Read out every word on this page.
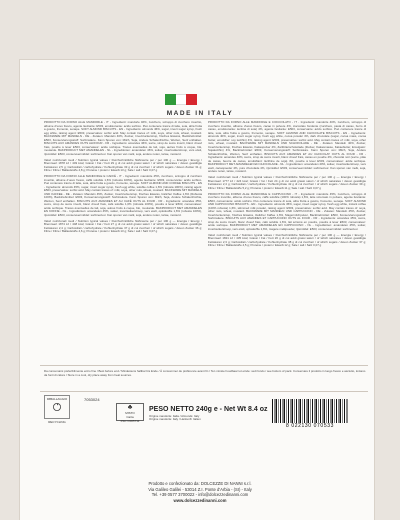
MADE IN ITALY

PRODOTTO DA FORNO ALLE MANDORLE - IT - Ingredienti: mandorle 46%, zucchero, sciroppo di zucchero invertito, albume d'uovo fresco, agente lievitante: E503, emulsionante: acido sorbico. Può contenere tracce di latte, soia, altra frutta a guscio, frumento, senape. SOFT ALMOND BISCUITS - EN - Ingredients: almonds 46%, sugar, invert sugar syrup, fresh egg white, raising agent: E503, preservative: sorbic acid. May contain traces of: milk, soya, other nuts, wheat, mustard. BACKWARE MIT MANDELN - DE - Zutaten: Mandeln 46%, Zucker, Invertzuckersirup, frisches Eiweiss, Backtriebmittel: E503, Konservierungsstoff: Sorbinsäure. Kann Spuren von: Milch, Soja, Andere Schalenfrüchte, Weizen, Senf enthalten. BISCUITS AUX AMANDES OUTS ALFFOUR - FR - Ingrédients: amandes 46%, sucre, sirop de sucre inverti, blanc d'oeuf frais, poudre à lever E503, conservateur: acide sorbique. Traces éventuelles de lait, soja, autres fruits à coque, blé, moutarde. BAKPRODUCT MET AMANDELEN - NL - Ingrediënten: amandelen 46%, suiker, invertsuikerstroop, vers eiwit, rijsmiddel: E503, conserveermiddel: sorbinezuur. Kan sporen van melk, soja, andere noten, tarwe, mosterd.

Valori nutrizionali medi / Nutrition typical values / Durchschnittliche Nährwerte per / per 100 g — Energia / Energy / Brennwert 1878 kJ / 449 kcal; Grassi / Fat / Fett 29 g di cui acidi grassi saturi / of which saturates / davon gesättigte Fettsäuren 2,5 g; Carboidrati / carbohydrate / Kohlenhydrate 33 g di cui zuccheri / of which sugars / davon Zucker 31 g; Fibre / Fibre / Ballaststoffe 4,8 g; Proteine / protein / Eiweiß 13 g; Sale / salt / Salz 0,07 g

PRODOTTO DA FORNO ALLE MANDORLE E CAFFÈ - IT - Ingredienti: mandorle 45%, zucchero, sciroppo di zucchero invertito, albume d'uovo fresco, caffè solubile 1,6% (robusta 100%), agente lievitante: E503, conservante: acido sorbico. Può contenere tracce di latte, soia, altra frutta a guscio, frumento, senape. SOFT ALMOND AND COFFEE BISCUITS - EN - Ingredients: almonds 45%, sugar, invert sugar syrup, fresh egg white, soluble coffee 1,6% (robusta 100%), raising agent: E503, preservative: sorbic acid. May contain traces of: milk, soya, other nuts, wheat, mustard. BACKWARE MIT MANDELN UND KAFFEE - DE - Zutaten: Mandeln 45%, Zucker, Invertzuckersirup, frisches Eiweiss, löslicher Kaffee 1,6% (Robusta 100%), Backtriebmittel: E503, Konservierungsstoff: Sorbinsäure. Kann Spuren von: Milch, Soja, Andere Schalenfrüchte, Weizen, Senf enthalten. BISCUITS AUX AMANDES ET AU CAFÉ OUTS AL FOUR - FR - Ingrédients: amandes 45%, sucre, sirop de sucre inverti, blanc d'oeuf frais, café soluble 1,6% (robusta 100%), poudre à lever E503, conservateur: acide sorbique. Traces éventuelles de lait, soja, autres fruits à coque, blé, moutarde. BAKPRODUCT MET AMANDELEN EN KOFFIE - NL - Ingrediënten: amandelen 45%, suiker, invertsuikerstroop, vers eiwit, oploskoffie 1,6% (robusta 100%), rijsmiddel: E503, conserveermiddel: sorbinezuur. Kan sporen van melk, soja, andere noten, tarwe, mosterd.

Valori nutrizionali medi / Nutrition typical values / Durchschnittliche Nährwerte per / per 100 g — Energia / Energy / Brennwert 1874 kJ / 448 kcal; Grassi / Fat / Fett 27 g di cui acidi grassi saturi / of which saturates / davon gesättigte Fettsäuren 2,4 g; Carboidrati / carbohydrate / Kohlenhydrate 37 g di cui zuccheri / of which sugars / davon Zucker 36 g; Fibre / Fibre / Ballaststoffe 4,6 g; Proteine / protein / Eiweiß 13 g; Sale / salt / Salz 0,07 g

PRODOTTO DA FORNO ALLE MANDORLE E CIOCCOLATO - IT - Ingredienti: mandorle 40%, zucchero, sciroppo di zucchero invertito, albume d'uovo fresco, cacao in polvere 4%, cioccolato fondente (zucchero, pasta di cacao, burro di cacao, emulsionante: lecitina di soia) 4%, agente lievitante: E503, conservante: acido sorbico. Può contenere tracce di latte, soia, altra frutta a guscio, frumento, senape. SOFT ALMOND AND CHOCOLATE BISCUITS - EN - Ingredients: almonds 40%, sugar, invert sugar syrup, fresh egg white, cocoa powder 4%, dark chocolate (sugar, cocoa mass, cocoa butter, emulsifier: soy lecithin) 4%, raising agent: E503, preservative: sorbic acid. May contain traces of: milk, soya, other nuts, wheat, mustard. BACKWARE MIT MANDELN UND SCHOKOLADE - DE - Zutaten: Mandeln 40%, Zucker, Invertzuckersirup, frisches Eiweiss, Kakaopulver 4%, Zartbitterschokolade (Zucker, Kakaomasse, Kakaobutter, Emulgator: Sojalecithin) 4%, Backtriebmittel: E503, Konservierungsstoff: Sorbinsäure. Kann Spuren von: Milch, Soja, Andere Schalenfrüchte, Weizen, Senf enthalten. BISCUITS AUX AMANDES ET AU CHOCOLAT OUTS AL FOUR - FR - Ingrédients: amandes 40%, sucre, sirop de sucre inverti, blanc d'oeuf frais, cacao en poudre 4%, chocolat noir (sucre, pâte de cacao, beurre de cacao, émulsifiant: lécithine de soja) 4%, poudre à lever E503, conservateur: acide sorbique. BAKPRODUCT MET AMANDELEN EN CHOCOLADE - NL - Ingrediënten: amandelen 40%, suiker, invertsuikerstroop, vers eiwit, cacaopoeder 4%, pure chocolade 4%, rijsmiddel: E503, conserveermiddel: sorbinezuur. Kan sporen van melk, soja, andere noten, tarwe, mosterd.

Valori nutrizionali medi / Nutrition typical values / Durchschnittliche Nährwerte per / per 100 g — Energia / Energy / Brennwert 1777 kJ / 424 kcal; Grassi / fat / Fett 24 g di cui acidi grassi saturi / of which saturates / davon gesättigte Fettsäuren 2,4 g; Carboidrati / carbohydrate / Kohlenhydrate 42 g di cui zuccheri / of which sugars / davon Zucker 39 g; Fibre / Fibre / Ballaststoffe 5,2 g; Proteine / protein / Eiweiß 11 g; Sale / salt / Salz 0,07 g

PRODOTTO DA FORNO ALLE MANDORLE E CAPPUCCINO - IT - Ingredienti: mandorle 45%, zucchero, sciroppo di zucchero invertito, albume d'uovo fresco, caffè solubile (100% robusta) 1,6%, latte scremato in polvere, agente lievitante: E503, conservante: acido sorbico. Può contenere tracce di soia, altra frutta a guscio, frumento, senape. SOFT ALMOND AND CAPPUCCINO BISCUITS - EN - Ingredients: almonds 45%, sugar, invert sugar syrup, fresh egg white, instant coffee (100% robusta) 1,6%, skimmed milk powder, raising agent: E503, preservative: sorbic acid. May contain traces of: soya, other nuts, wheat, mustard. BACKWARE MIT MANDELN UND CAPPUCCINO - DE - Zutaten: Mandeln 45%, Zucker, Invertzuckersirup, frisches Eiweiss, löslicher Kaffee 1,6%, Magermilchpulver, Backtriebmittel: E503, Konservierungsstoff: Sorbinsäure. BISCUITS AUX AMANDES ET CAPPUCCINO OUTS AL FOUR - FR - Ingrédients: amandes 45%, sucre, sirop de sucre inverti, blanc d'oeuf frais, café soluble 1,6%, lait écrémé en poudre, poudre à lever E503, conservateur: acide sorbique. BAKPRODUCT MET AMANDELEN EN CAPPUCCINO - NL - Ingrediënten: amandelen 45%, suiker, invertsuikerstroop, vers eiwit, oploskoffie 1,6%, magere melkpoeder, rijsmiddel: E503, conserveermiddel: sorbinezuur.

Valori nutrizionali medi / Nutrition typical values / Durchschnittliche Nährwerte per / per 100 g — Energia / Energy / Brennwert 1821 kJ / 435 kcal; Grassi / Fat / Fett 26 g di cui acidi grassi saturi / of which saturates / davon gesättigte Fettsäuren 2,3 g; Carboidrati / carbohydrate / Kohlenhydrate 38 g di cui zuccheri / of which sugars / davon Zucker 37 g; Fibre / Fibre / Ballaststoffe 4,5 g; Proteine / protein / Eiweiß 12 g; Sale / salt / Salz 0,07 g

Da consumarsi preferibilmente entro fine / Best before end / Mindestens haltbar bis Ende / À consommer de préférence avant fin / Ten minste houdbaar tot einde: vedi fondo / see bottom of pack. Conservare il prodotto in luogo fresco e asciutto, lontano da fonti di calore / Store in a cool, dry place away from heat sources.
IMBALLAGGIO
RECYCLING
7053024
♣
MISTO
Carta
FSC C005711
PESO NETTO 240g e - Net Wt 8.4 oz
Origine mandorle: Italia / Almonds: Italy
Origine mandorle: Italy / Herkunft: Italien
8 022130 070533
Prodotto e confezionato da: DOLCEZZE DI NANNI s.r.l.
Via Galileo Galilei - 53014 Z.I. Ponte d'Arbia - (SI) - Italy
Tel. +39 0577 3700022 - info@dolcezzedinanni.com
www.dolcezzedinanni.com
